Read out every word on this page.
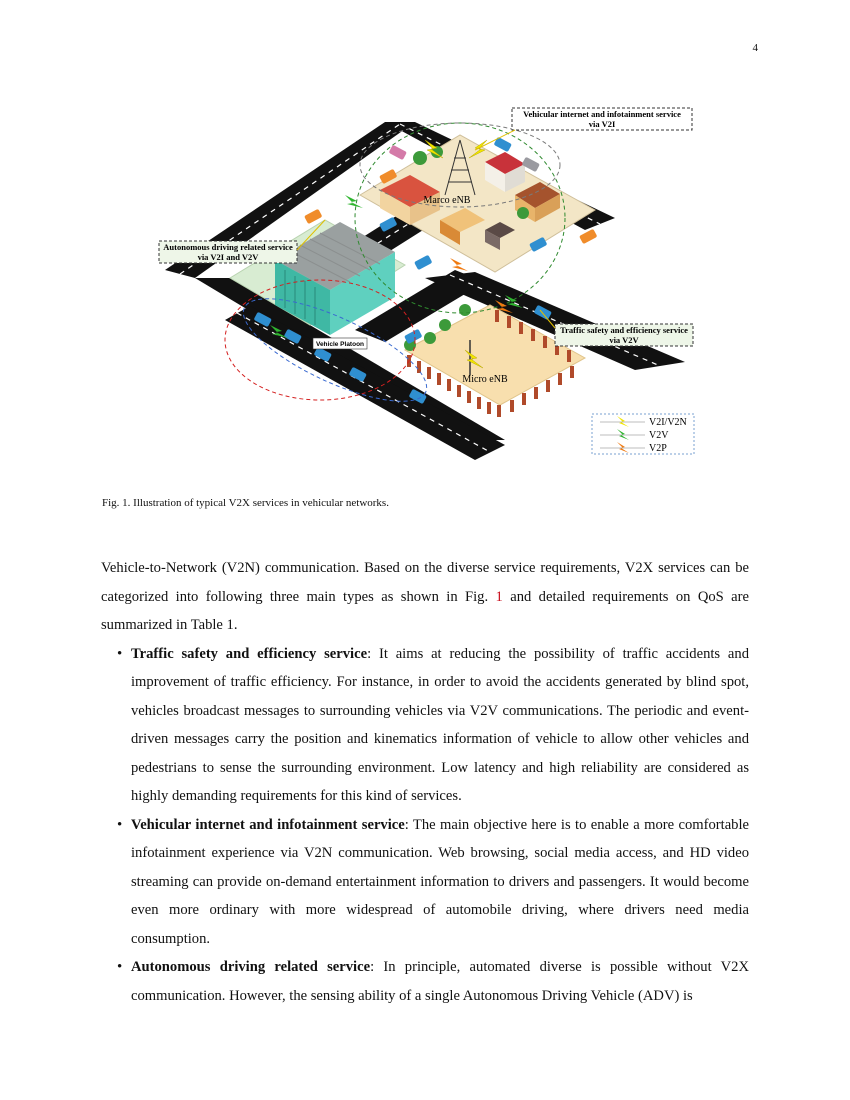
4
Vehicular internet and infotainment service
via V2I
Autonomous driving related service
via V2I and V2V
Traffic safety and efficiency service
via V2V
Marco eNB
Micro eNB
Vehicle Platoon
V2I/V2N
V2V
V2P
Fig. 1. Illustration of typical V2X services in vehicular networks.

Vehicle-to-Network (V2N) communication. Based on the diverse service requirements, V2X services can be categorized into following three main types as shown in Fig. 1 and detailed requirements on QoS are summarized in Table 1.

• Traffic safety and efficiency service: It aims at reducing the possibility of traffic accidents and improvement of traffic efficiency. For instance, in order to avoid the accidents generated by blind spot, vehicles broadcast messages to surrounding vehicles via V2V communications. The periodic and event-driven messages carry the position and kinematics information of vehicle to allow other vehicles and pedestrians to sense the surrounding environment. Low latency and high reliability are considered as highly demanding requirements for this kind of services.
• Vehicular internet and infotainment service: The main objective here is to enable a more comfortable infotainment experience via V2N communication. Web browsing, social media access, and HD video streaming can provide on-demand entertainment information to drivers and passengers. It would become even more ordinary with more widespread of automobile driving, where drivers need media consumption.
• Autonomous driving related service: In principle, automated diverse is possible without V2X communication. However, the sensing ability of a single Autonomous Driving Vehicle (ADV) is
